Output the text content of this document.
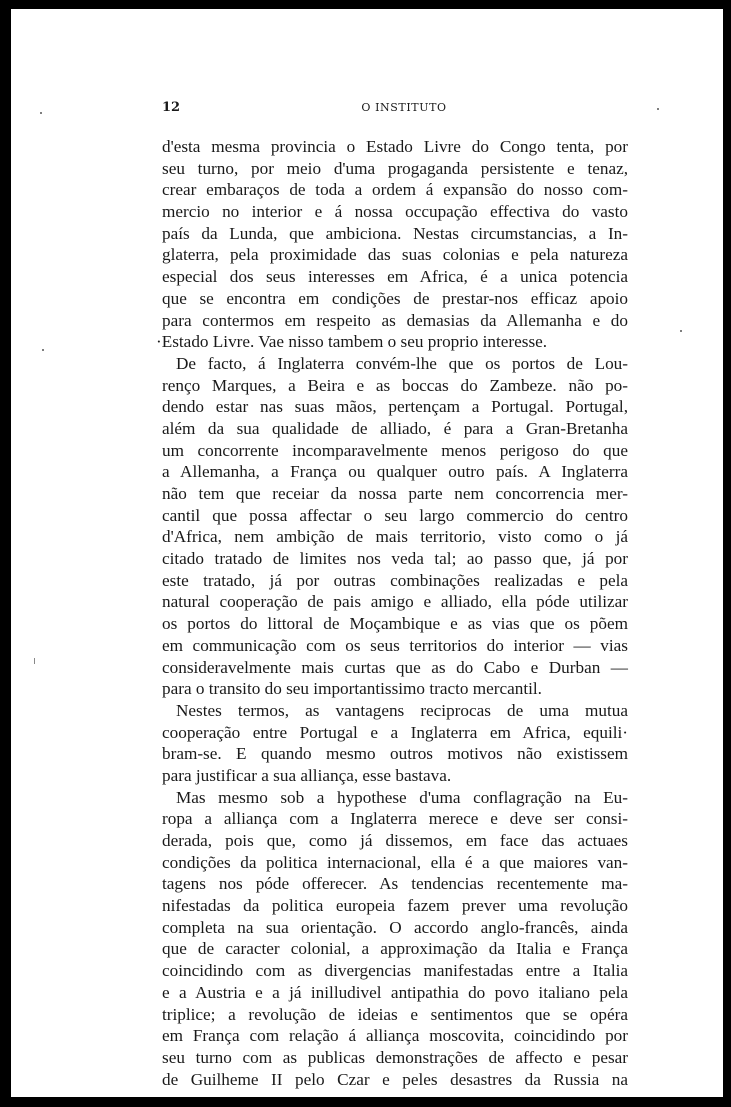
12	O INSTITUTO
d'esta mesma provincia o Estado Livre do Congo tenta, por
seu turno, por meio d'uma progaganda persistente e tenaz,
crear embaraços de toda a ordem á expansão do nosso com-
mercio no interior e á nossa occupação effectiva do vasto
país da Lunda, que ambiciona. Nestas circumstancias, a In-
glaterra, pela proximidade das suas colonias e pela natureza
especial dos seus interesses em Africa, é a unica potencia
que se encontra em condições de prestar-nos efficaz apoio
para contermos em respeito as demasias da Allemanha e do
·Estado Livre. Vae nisso tambem o seu proprio interesse.
De facto, á Inglaterra convém-lhe que os portos de Lou-
renço Marques, a Beira e as boccas do Zambeze. não po-
dendo estar nas suas mãos, pertençam a Portugal. Portugal,
além da sua qualidade de alliado, é para a Gran-Bretanha
um concorrente incomparavelmente menos perigoso do que
a Allemanha, a França ou qualquer outro país. A Inglaterra
não tem que receiar da nossa parte nem concorrencia mer-
cantil que possa affectar o seu largo commercio do centro
d'Africa, nem ambição de mais territorio, visto como o já
citado tratado de limites nos veda tal; ao passo que, já por
este tratado, já por outras combinações realizadas e pela
natural cooperação de pais amigo e alliado, ella póde utilizar
os portos do littoral de Moçambique e as vias que os põem
em communicação com os seus territorios do interior — vias
consideravelmente mais curtas que as do Cabo e Durban —
para o transito do seu importantissimo tracto mercantil.
Nestes termos, as vantagens reciprocas de uma mutua
cooperação entre Portugal e a Inglaterra em Africa, equili·
bram-se. E quando mesmo outros motivos não existissem
para justificar a sua alliança, esse bastava.
Mas mesmo sob a hypothese d'uma conflagração na Eu-
ropa a alliança com a Inglaterra merece e deve ser consi-
derada, pois que, como já dissemos, em face das actuaes
condições da politica internacional, ella é a que maiores van-
tagens nos póde offerecer. As tendencias recentemente ma-
nifestadas da politica europeia fazem prever uma revolução
completa na sua orientação. O accordo anglo-francês, ainda
que de caracter colonial, a approximação da Italia e França
coincidindo com as divergencias manifestadas entre a Italia
e a Austria e a já inilludivel antipathia do povo italiano pela
triplice; a revolução de ideias e sentimentos que se opéra
em França com relação á alliança moscovita, coincidindo por
seu turno com as publicas demonstrações de affecto e pesar
de Guilheme II pelo Czar e peles desastres da Russia na
